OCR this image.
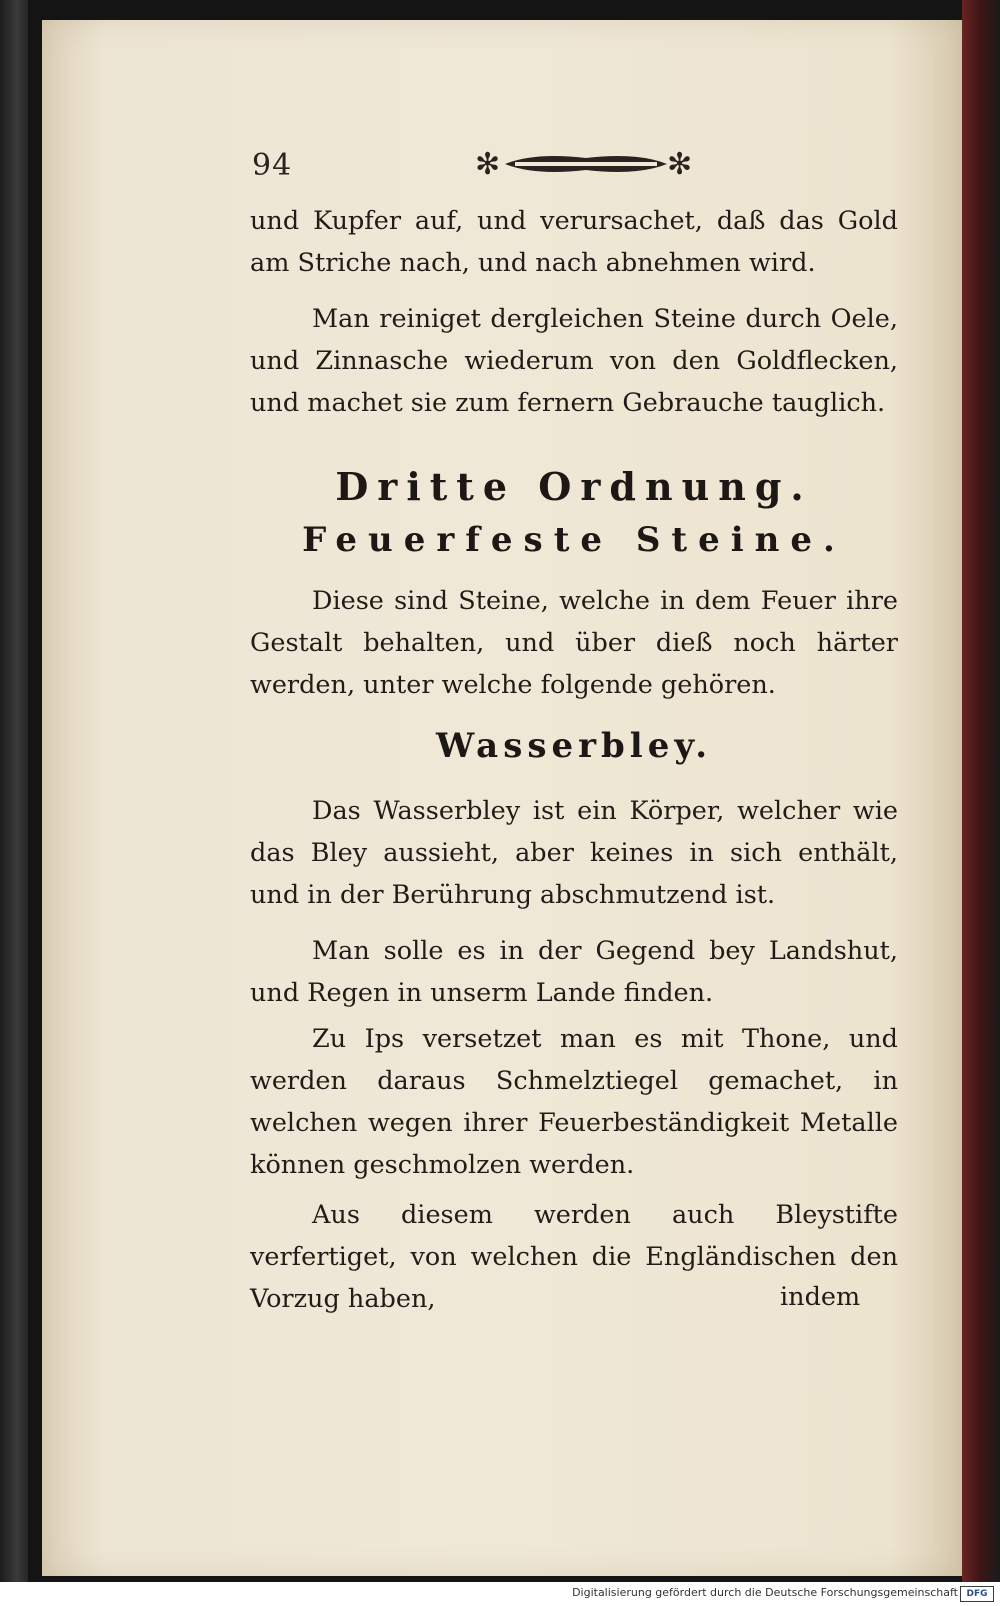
94	✻	✻

und Kupfer auf, und verursachet, daß das Gold am Striche nach, und nach abnehmen wird.

Man reiniget dergleichen Steine durch Oele, und Zinnasche wiederum von den Goldflecken, und machet sie zum fernern Gebrauche tauglich.

Dritte Ordnung.
Feuerfeste Steine.

Diese sind Steine, welche in dem Feuer ihre Gestalt behalten, und über dieß noch härter werden, unter welche folgende gehören.

Wasserbley.

Das Wasserbley ist ein Körper, welcher wie das Bley aussieht, aber keines in sich enthält, und in der Berührung abschmutzend ist.

Man solle es in der Gegend bey Landshut, und Regen in unserm Lande finden.

Zu Ips versetzet man es mit Thone, und werden daraus Schmelztiegel gemachet, in welchen wegen ihrer Feuerbeständigkeit Metalle können geschmolzen werden.

Aus diesem werden auch Bleystifte verfertiget, von welchen die Engländischen den Vorzug haben,	indem
Digitalisierung gefördert durch die Deutsche Forschungsgemeinschaft DFG
